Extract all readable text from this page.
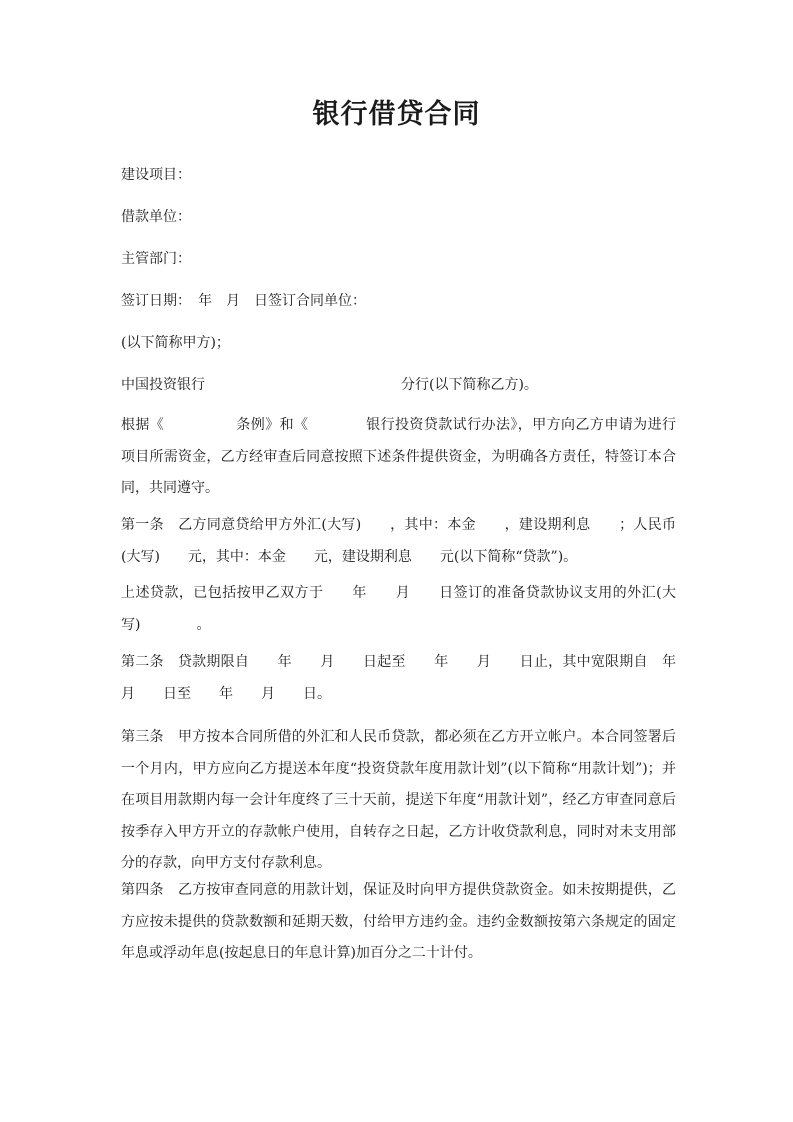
银行借贷合同
建设项目：
借款单位：
主管部门：
签订日期：　年　月　日签订合同单位：
(以下简称甲方)；
中国投资银行　　　　　　　　　　　　　　分行(以下简称乙方)。
根据《　　　　　条例》和《　　　　银行投资贷款试行办法》，甲方向乙方申请为进行　　　　项目所需资金，乙方经审查后同意按照下述条件提供资金，为明确各方责任，特签订本合同，共同遵守。
第一条　乙方同意贷给甲方外汇(大写)　　，其中：本金　　，建设期利息　　；人民币(大写)　　元，其中：本金　　元，建设期利息　　元(以下简称“贷款”)。
上述贷款，已包括按甲乙双方于　　年　　月　　日签订的准备贷款协议支用的外汇(大写)　　　　。
第二条　贷款期限自　　年　　月　　日起至　　年　　月　　日止，其中宽限期自　年　　月　　日至　　年　　月　　日。
第三条　甲方按本合同所借的外汇和人民币贷款，都必须在乙方开立帐户。本合同签署后一个月内，甲方应向乙方提送本年度“投资贷款年度用款计划”(以下简称“用款计划”)；并在项目用款期内每一会计年度终了三十天前，提送下年度“用款计划”，经乙方审查同意后按季存入甲方开立的存款帐户使用，自转存之日起，乙方计收贷款利息，同时对未支用部分的存款，向甲方支付存款利息。
第四条　乙方按审查同意的用款计划，保证及时向甲方提供贷款资金。如未按期提供，乙方应按未提供的贷款数额和延期天数，付给甲方违约金。违约金数额按第六条规定的固定年息或浮动年息(按起息日的年息计算)加百分之二十计付。
